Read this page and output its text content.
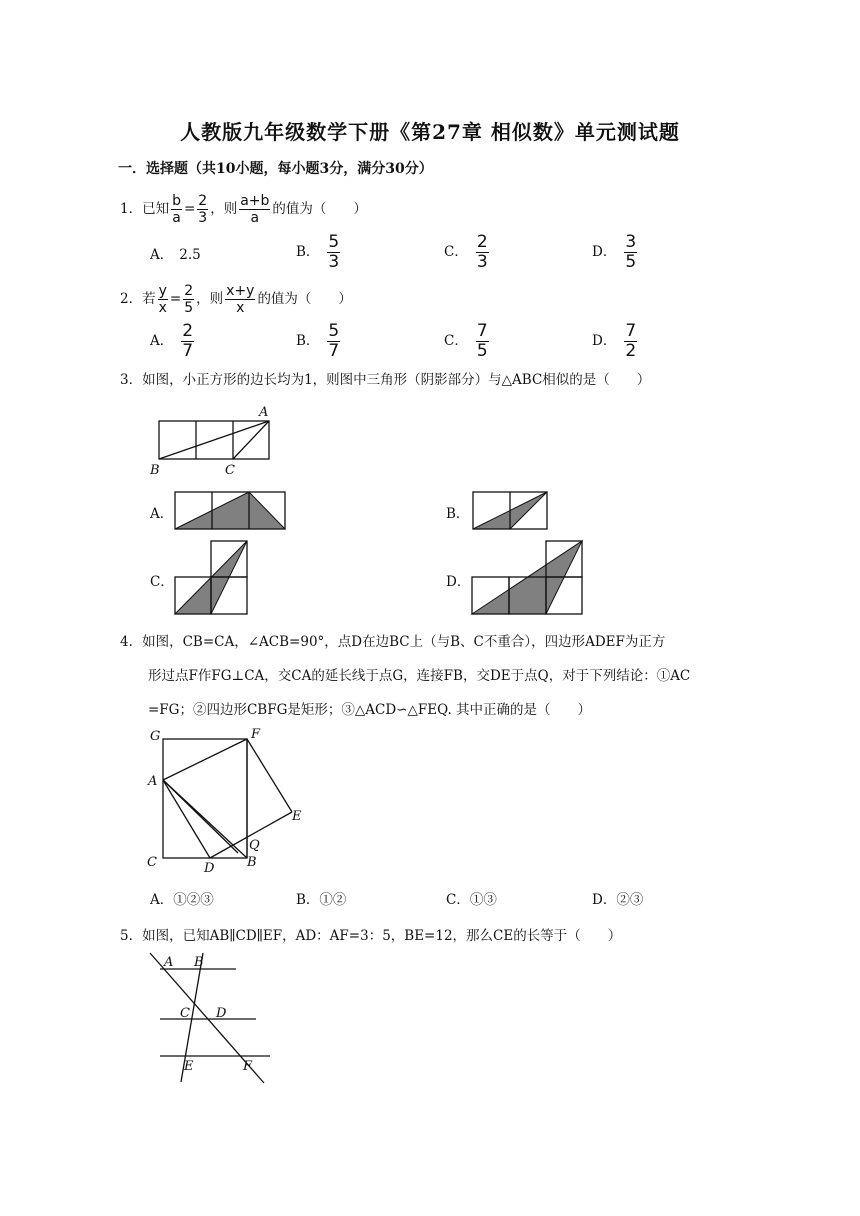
人教版九年级数学下册《第27章 相似数》单元测试题
一．选择题（共10小题，每小题3分，满分30分）
1．已知 $\frac{b}{a} = \frac{2}{3}$ ，则 $\frac{a+b}{a}$ 的值为（　　）
A． 2.5	B． $\frac{5}{3}$	C． $\frac{2}{3}$	D． $\frac{3}{5}$
2．若 $\frac{y}{x} = \frac{2}{5}$ ，则 $\frac{x+y}{x}$ 的值为（　　）
A． $\frac{2}{7}$	B． $\frac{5}{7}$	C． $\frac{7}{5}$	D． $\frac{7}{2}$
3．如图，小正方形的边长均为1，则图中三角形（阴影部分）与△ABC相似的是（　　）
A
B	C
G	F
A
E
Q
C	D	B
A B
C D
E	F
A．	B．
C．	D．
4．如图，CB=CA，∠ACB=90°，点D在边BC上（与B、C不重合），四边形ADEF为正方
形过点F作FG⊥CA，交CA的延长线于点G，连接FB，交DE于点Q，对于下列结论：①AC
=FG；②四边形CBFG是矩形；③△ACD∽△FEQ. 其中正确的是（　　）
A．①②③	B．①②	C．①③	D．②③
5．如图，已知AB∥CD∥EF，AD：AF=3：5，BE=12，那么CE的长等于（　　）
